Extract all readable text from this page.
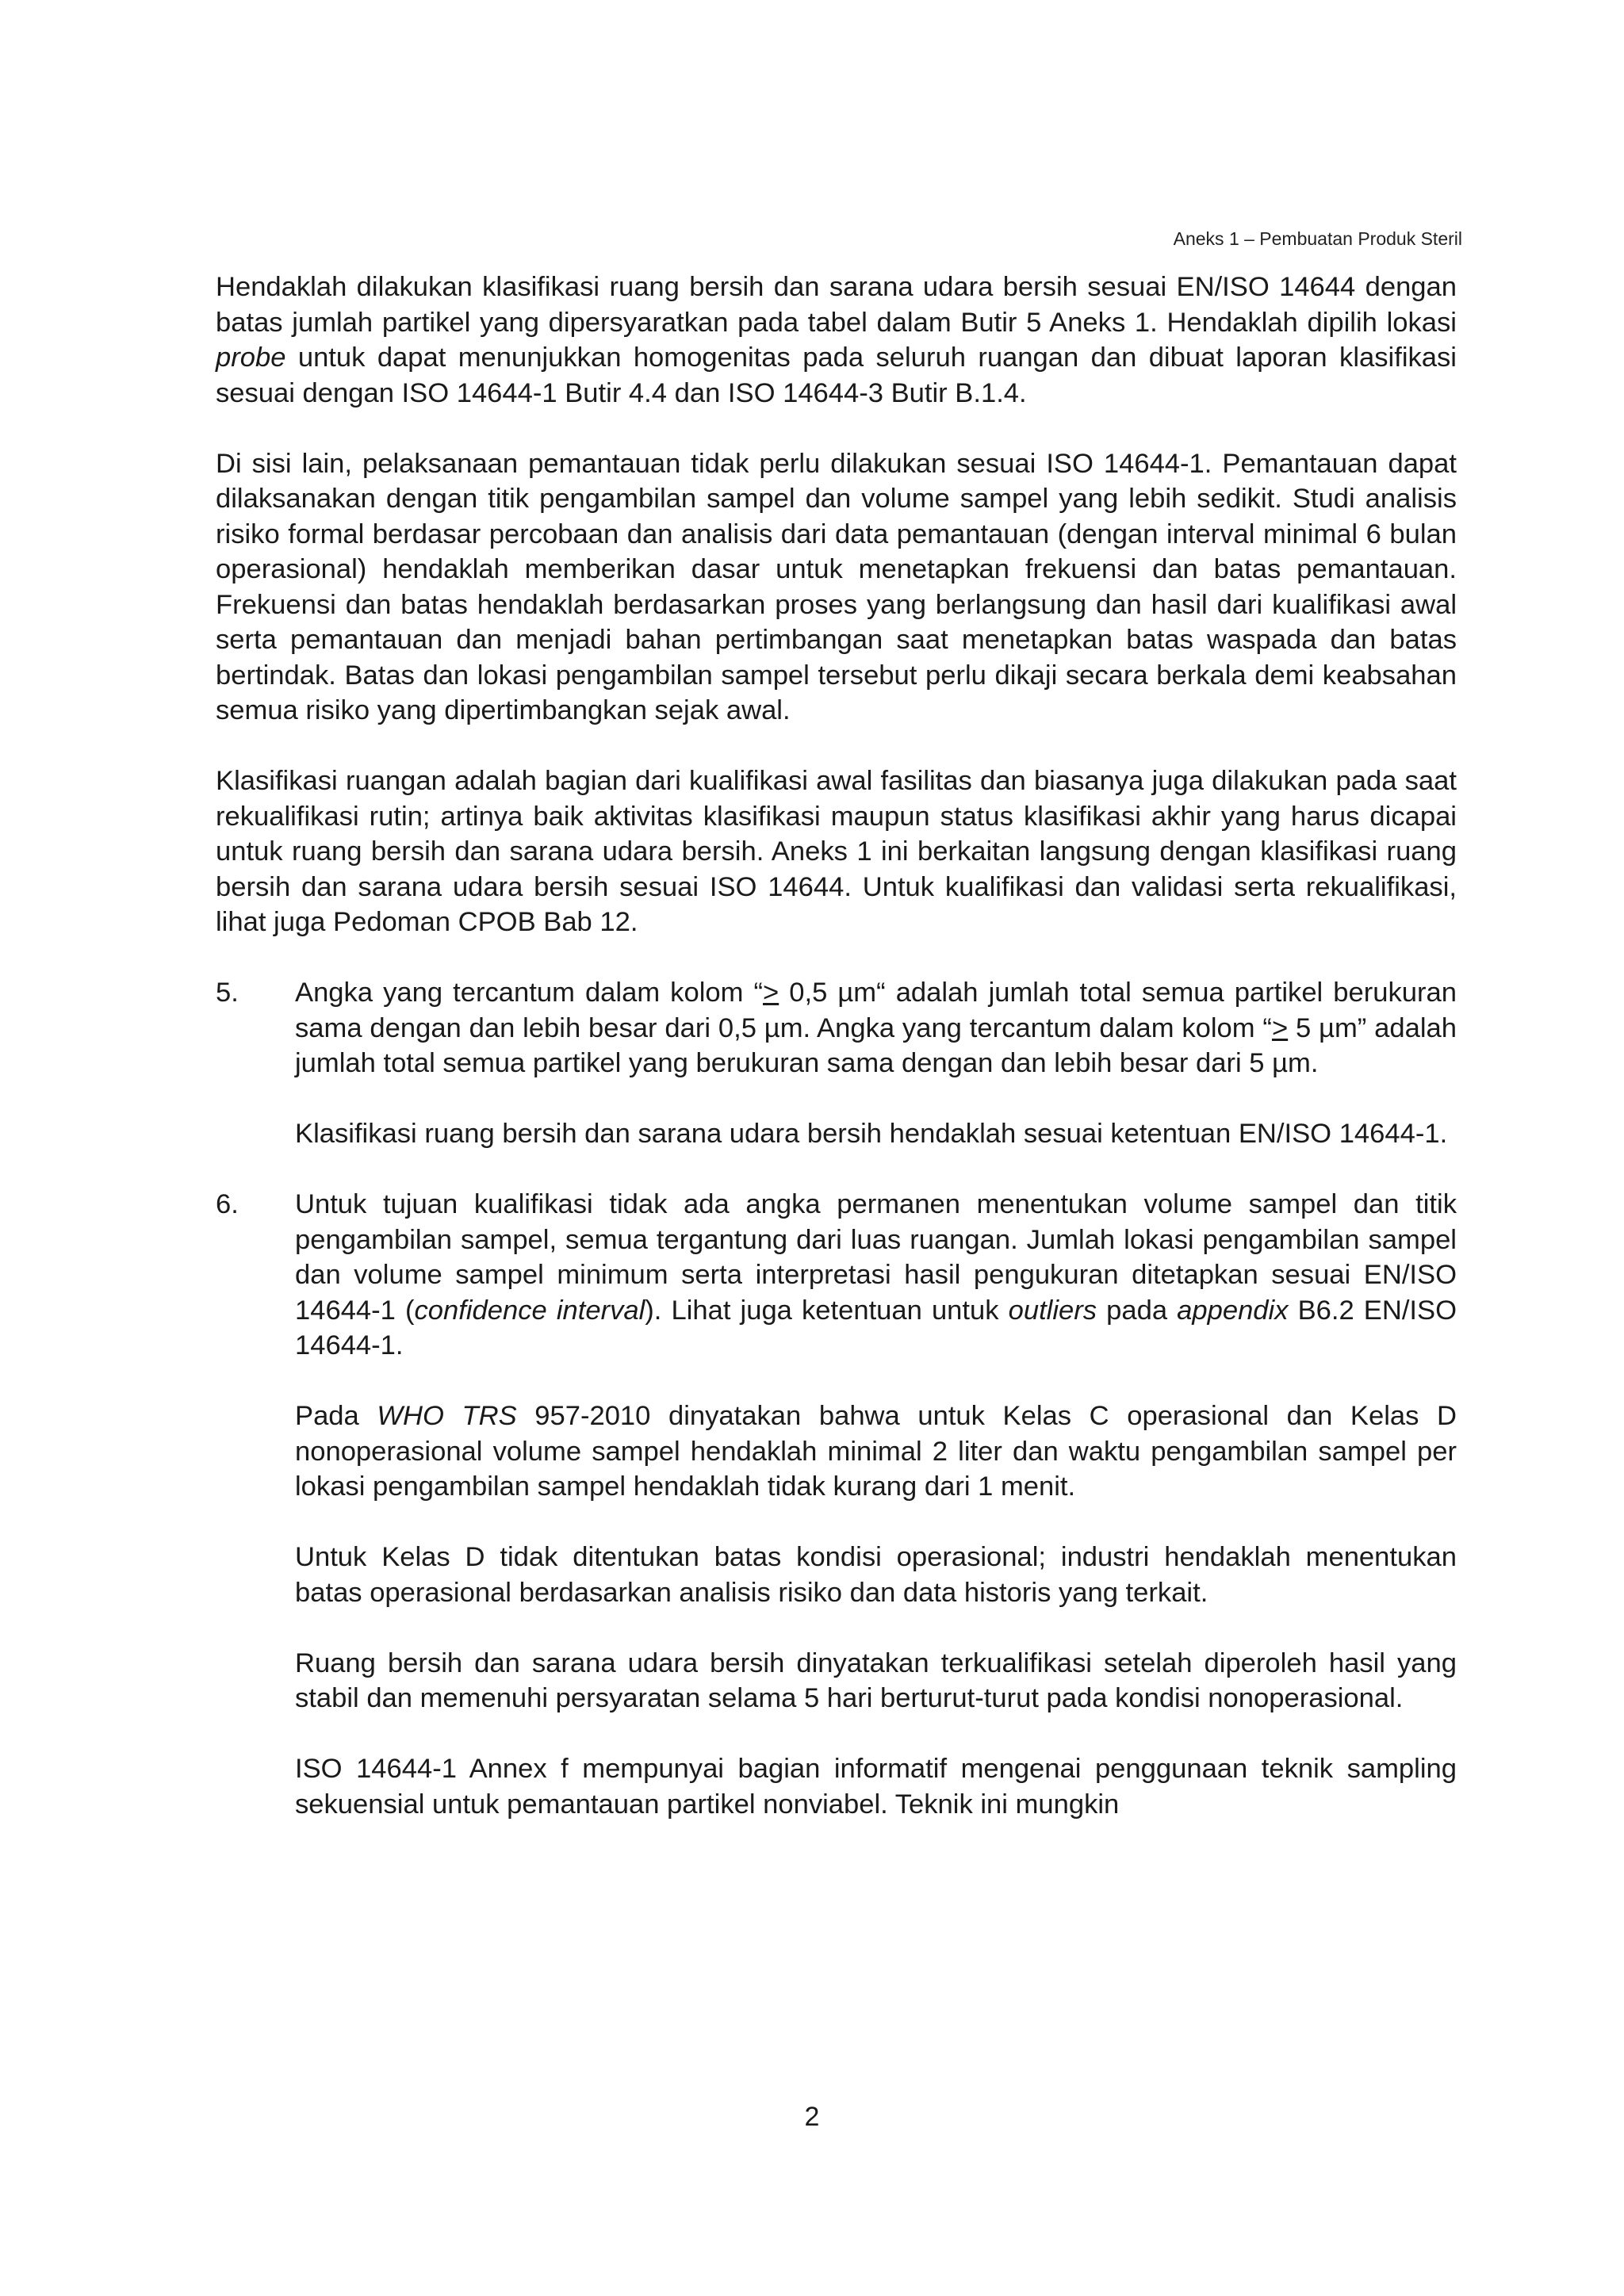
Aneks 1 – Pembuatan Produk Steril

Hendaklah dilakukan klasifikasi ruang bersih dan sarana udara bersih sesuai EN/ISO 14644 dengan batas jumlah partikel yang dipersyaratkan pada tabel dalam Butir 5 Aneks 1. Hendaklah dipilih lokasi probe untuk dapat menunjukkan homogenitas pada seluruh ruangan dan dibuat laporan klasifikasi sesuai dengan ISO 14644-1 Butir 4.4 dan ISO 14644-3 Butir B.1.4.

Di sisi lain, pelaksanaan pemantauan tidak perlu dilakukan sesuai ISO 14644-1. Pemantauan dapat dilaksanakan dengan titik pengambilan sampel dan volume sampel yang lebih sedikit. Studi analisis risiko formal berdasar percobaan dan analisis dari data pemantauan (dengan interval minimal 6 bulan operasional) hendaklah memberikan dasar untuk menetapkan frekuensi dan batas pemantauan. Frekuensi dan batas hendaklah berdasarkan proses yang berlangsung dan hasil dari kualifikasi awal serta pemantauan dan menjadi bahan pertimbangan saat menetapkan batas waspada dan batas bertindak. Batas dan lokasi pengambilan sampel tersebut perlu dikaji secara berkala demi keabsahan semua risiko yang dipertimbangkan sejak awal.

Klasifikasi ruangan adalah bagian dari kualifikasi awal fasilitas dan biasanya juga dilakukan pada saat rekualifikasi rutin; artinya baik aktivitas klasifikasi maupun status klasifikasi akhir yang harus dicapai untuk ruang bersih dan sarana udara bersih. Aneks 1 ini berkaitan langsung dengan klasifikasi ruang bersih dan sarana udara bersih sesuai ISO 14644. Untuk kualifikasi dan validasi serta rekualifikasi, lihat juga Pedoman CPOB Bab 12.

5. Angka yang tercantum dalam kolom “≥ 0,5 µm“ adalah jumlah total semua partikel berukuran sama dengan dan lebih besar dari 0,5 µm. Angka yang tercantum dalam kolom “≥ 5 µm” adalah jumlah total semua partikel yang berukuran sama dengan dan lebih besar dari 5 µm.

Klasifikasi ruang bersih dan sarana udara bersih hendaklah sesuai ketentuan EN/ISO 14644-1.

6. Untuk tujuan kualifikasi tidak ada angka permanen menentukan volume sampel dan titik pengambilan sampel, semua tergantung dari luas ruangan. Jumlah lokasi pengambilan sampel dan volume sampel minimum serta interpretasi hasil pengukuran ditetapkan sesuai EN/ISO 14644-1 (confidence interval). Lihat juga ketentuan untuk outliers pada appendix B6.2 EN/ISO 14644-1.

Pada WHO TRS 957-2010 dinyatakan bahwa untuk Kelas C operasional dan Kelas D nonoperasional volume sampel hendaklah minimal 2 liter dan waktu pengambilan sampel per lokasi pengambilan sampel hendaklah tidak kurang dari 1 menit.

Untuk Kelas D tidak ditentukan batas kondisi operasional; industri hendaklah menentukan batas operasional berdasarkan analisis risiko dan data historis yang terkait.

Ruang bersih dan sarana udara bersih dinyatakan terkualifikasi setelah diperoleh hasil yang stabil dan memenuhi persyaratan selama 5 hari berturut-turut pada kondisi nonoperasional.

ISO 14644-1 Annex f mempunyai bagian informatif mengenai penggunaan teknik sampling sekuensial untuk pemantauan partikel nonviabel. Teknik ini mungkin

2
